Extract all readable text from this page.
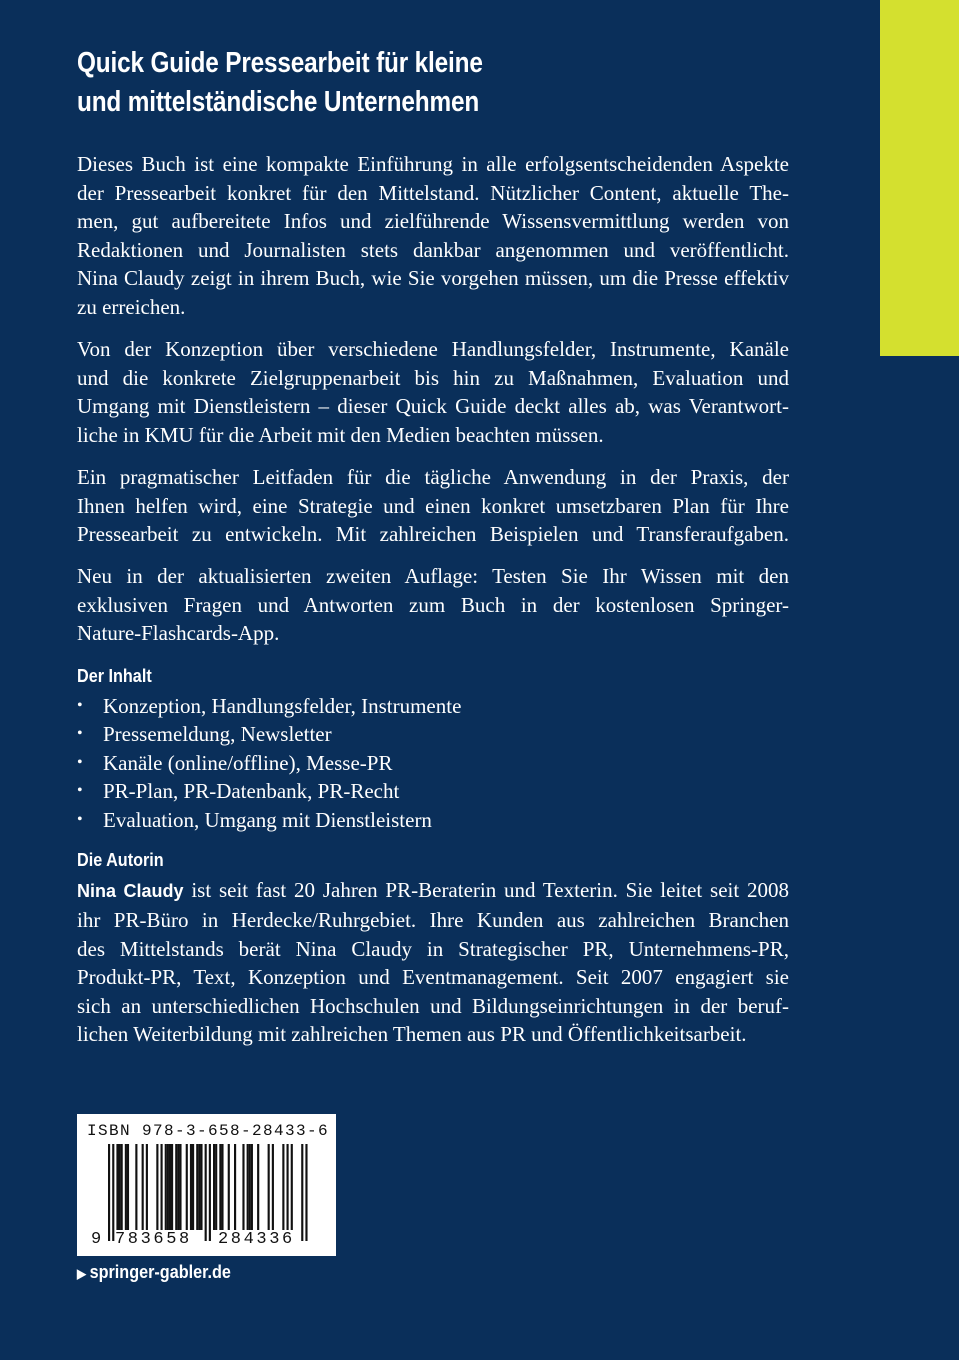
Quick Guide Pressearbeit für kleine
und mittelständische Unternehmen

Dieses Buch ist eine kompakte Einführung in alle erfolgsentscheidenden Aspekte
der Pressearbeit konkret für den Mittelstand. Nützlicher Content, aktuelle The-
men, gut aufbereitete Infos und zielführende Wissensvermittlung werden von
Redaktionen und Journalisten stets dankbar angenommen und veröffentlicht.
Nina Claudy zeigt in ihrem Buch, wie Sie vorgehen müssen, um die Presse effektiv
zu erreichen.

Von der Konzeption über verschiedene Handlungsfelder, Instrumente, Kanäle
und die konkrete Zielgruppenarbeit bis hin zu Maßnahmen, Evaluation und
Umgang mit Dienstleistern – dieser Quick Guide deckt alles ab, was Verantwort-
liche in KMU für die Arbeit mit den Medien beachten müssen.

Ein pragmatischer Leitfaden für die tägliche Anwendung in der Praxis, der
Ihnen helfen wird, eine Strategie und einen konkret umsetzbaren Plan für Ihre
Pressearbeit zu entwickeln. Mit zahlreichen Beispielen und Transferaufgaben.

Neu in der aktualisierten zweiten Auflage: Testen Sie Ihr Wissen mit den
exklusiven Fragen und Antworten zum Buch in der kostenlosen Springer-
Nature-Flashcards-App.

Der Inhalt
• Konzeption, Handlungsfelder, Instrumente
• Pressemeldung, Newsletter
• Kanäle (online/offline), Messe-PR
• PR-Plan, PR-Datenbank, PR-Recht
• Evaluation, Umgang mit Dienstleistern
Die Autorin

Nina Claudy ist seit fast 20 Jahren PR-Beraterin und Texterin. Sie leitet seit 2008
ihr PR-Büro in Herdecke/Ruhrgebiet. Ihre Kunden aus zahlreichen Branchen
des Mittelstands berät Nina Claudy in Strategischer PR, Unternehmens-PR,
Produkt-PR, Text, Konzeption und Eventmanagement. Seit 2007 engagiert sie
sich an unterschiedlichen Hochschulen und Bildungseinrichtungen in der beruf-
lichen Weiterbildung mit zahlreichen Themen aus PR und Öffentlichkeitsarbeit.

ISBN 978-3-658-28433-6
9 783658 284336
▶ springer-gabler.de
